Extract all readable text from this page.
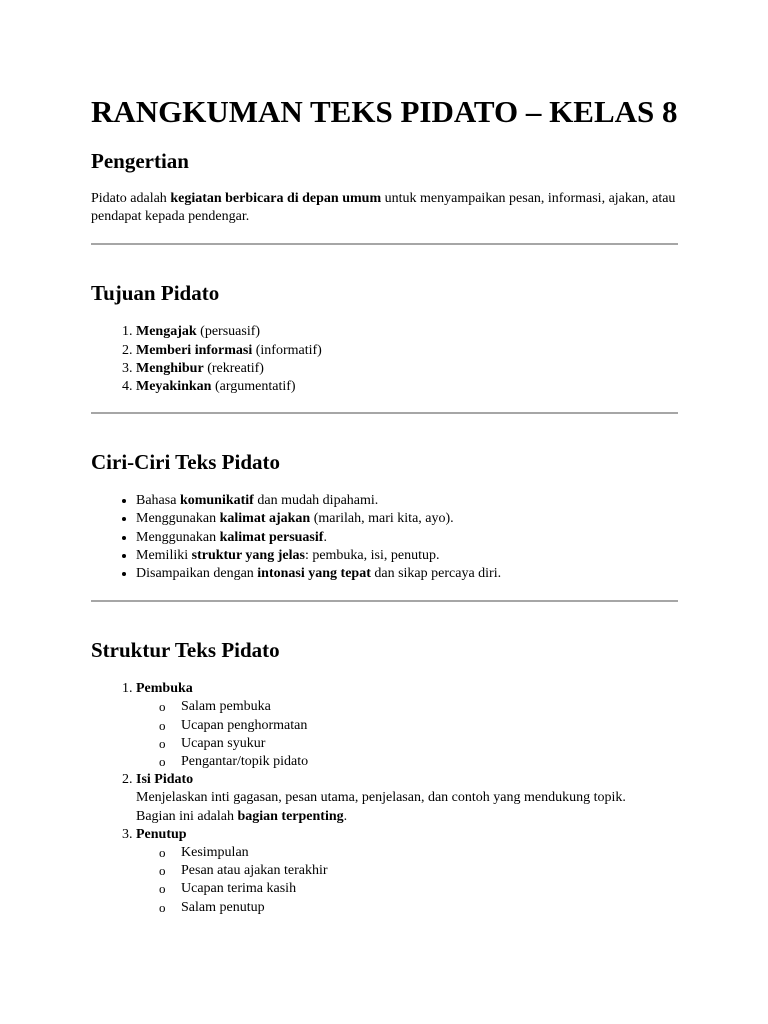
RANGKUMAN TEKS PIDATO – KELAS 8
Pengertian

Pidato adalah kegiatan berbicara di depan umum untuk menyampaikan pesan, informasi, ajakan, atau pendapat kepada pendengar.

Tujuan Pidato
1. Mengajak (persuasif)
2. Memberi informasi (informatif)
3. Menghibur (rekreatif)
4. Meyakinkan (argumentatif)
Ciri-Ciri Teks Pidato
• Bahasa komunikatif dan mudah dipahami.
• Menggunakan kalimat ajakan (marilah, mari kita, ayo).
• Menggunakan kalimat persuasif.
• Memiliki struktur yang jelas: pembuka, isi, penutup.
• Disampaikan dengan intonasi yang tepat dan sikap percaya diri.
Struktur Teks Pidato
1. Pembuka
o Salam pembuka
o Ucapan penghormatan
o Ucapan syukur
o Pengantar/topik pidato
2. Isi Pidato
Menjelaskan inti gagasan, pesan utama, penjelasan, dan contoh yang mendukung topik.
Bagian ini adalah bagian terpenting.
3. Penutup
o Kesimpulan
o Pesan atau ajakan terakhir
o Ucapan terima kasih
o Salam penutup
